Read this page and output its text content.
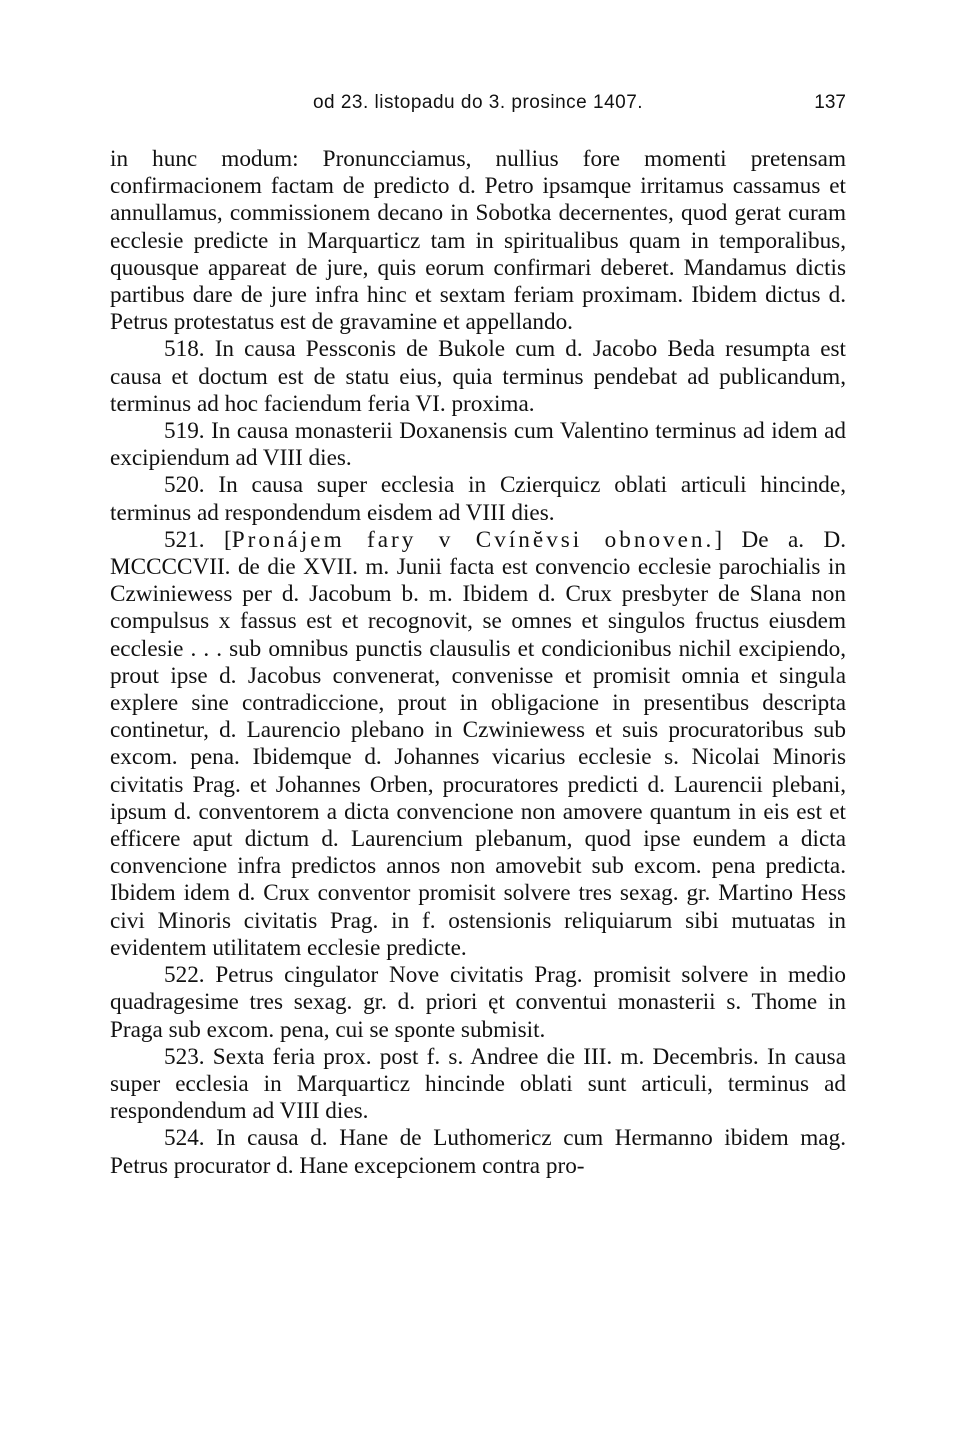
od 23. listopadu do 3. prosince 1407.	137

in hunc modum: Pronuncciamus, nullius fore momenti pretensam confirmacionem factam de predicto d. Petro ipsamque irritamus cassamus et annullamus, commissionem decano in Sobotka decernentes, quod gerat curam ecclesie predicte in Marquarticz tam in spiritualibus quam in temporalibus, quousque appareat de jure, quis eorum confirmari deberet. Mandamus dictis partibus dare de jure infra hinc et sextam feriam proximam. Ibidem dictus d. Petrus protestatus est de gravamine et appellando.

518. In causa Pessconis de Bukole cum d. Jacobo Beda resumpta est causa et doctum est de statu eius, quia terminus pendebat ad publicandum, terminus ad hoc faciendum feria VI. proxima.

519. In causa monasterii Doxanensis cum Valentino terminus ad idem ad excipiendum ad VIII dies.

520. In causa super ecclesia in Czierquicz oblati articuli hincinde, terminus ad respondendum eisdem ad VIII dies.

521. [Pronájem fary v Cvínĕvsi obnoven.] De a. D. MCCCCVII. de die XVII. m. Junii facta est convencio ecclesie parochialis in Czwiniewess per d. Jacobum b. m. Ibidem d. Crux presbyter de Slana non compulsus x fassus est et recognovit, se omnes et singulos fructus eiusdem ecclesie . . . sub omnibus punctis clausulis et condicionibus nichil excipiendo, prout ipse d. Jacobus convenerat, convenisse et promisit omnia et singula explere sine contradiccione, prout in obligacione in presentibus descripta continetur, d. Laurencio plebano in Czwiniewess et suis procuratoribus sub excom. pena. Ibidemque d. Johannes vicarius ecclesie s. Nicolai Minoris civitatis Prag. et Johannes Orben, procuratores predicti d. Laurencii plebani, ipsum d. conventorem a dicta convencione non amovere quantum in eis est et efficere aput dictum d. Laurencium plebanum, quod ipse eundem a dicta convencione infra predictos annos non amovebit sub excom. pena predicta. Ibidem idem d. Crux conventor promisit solvere tres sexag. gr. Martino Hess civi Minoris civitatis Prag. in f. ostensionis reliquiarum sibi mutuatas in evidentem utilitatem ecclesie predicte.

522. Petrus cingulator Nove civitatis Prag. promisit solvere in medio quadragesime tres sexag. gr. d. priori ęt conventui monasterii s. Thome in Praga sub excom. pena, cui se sponte submisit.

523. Sexta feria prox. post f. s. Andree die III. m. Decembris. In causa super ecclesia in Marquarticz hincinde oblati sunt articuli, terminus ad respondendum ad VIII dies.

524. In causa d. Hane de Luthomericz cum Hermanno ibidem mag. Petrus procurator d. Hane excepcionem contra pro-
